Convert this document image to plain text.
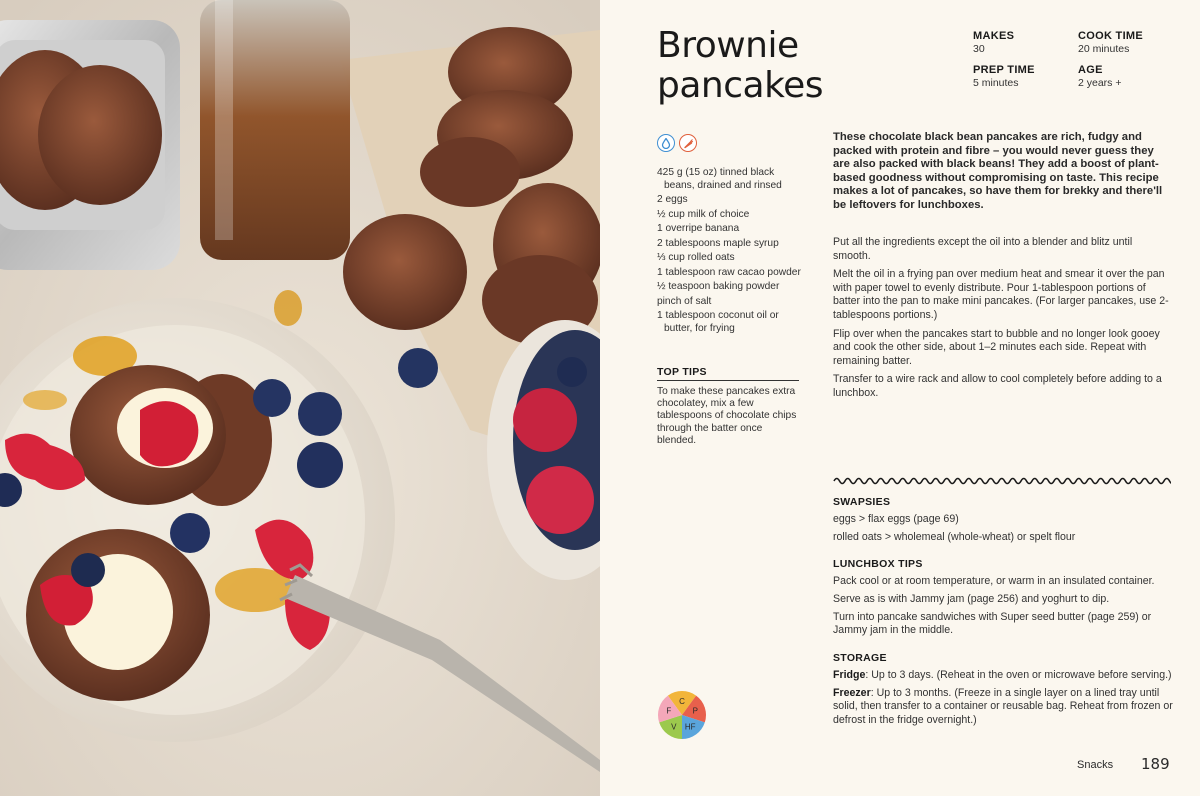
Brownie
pancakes
MAKES
30
COOK TIME
20 minutes
PREP TIME
5 minutes
AGE
2 years +
425 g (15 oz) tinned black beans, drained and rinsed
2 eggs
½ cup milk of choice
1 overripe banana
2 tablespoons maple syrup
⅓ cup rolled oats
1 tablespoon raw cacao powder
½ teaspoon baking powder
pinch of salt
1 tablespoon coconut oil or butter, for frying
TOP TIPS

To make these pancakes extra chocolatey, mix a few tablespoons of chocolate chips through the batter once blended.

These chocolate black bean pancakes are rich, fudgy and packed with protein and fibre – you would never guess they are also packed with black beans! They add a boost of plant-based goodness without compromising on taste. This recipe makes a lot of pancakes, so have them for brekky and there'll be leftovers for lunchboxes.

Put all the ingredients except the oil into a blender and blitz until smooth.

Melt the oil in a frying pan over medium heat and smear it over the pan with paper towel to evenly distribute. Pour 1-tablespoon portions of batter into the pan to make mini pancakes. (For larger pancakes, use 2-tablespoons portions.)

Flip over when the pancakes start to bubble and no longer look gooey and cook the other side, about 1–2 minutes each side. Repeat with remaining batter.

Transfer to a wire rack and allow to cool completely before adding to a lunchbox.

SWAPSIES

eggs > flax eggs (page 69)

rolled oats > wholemeal (whole-wheat) or spelt flour

LUNCHBOX TIPS

Pack cool or at room temperature, or warm in an insulated container.

Serve as is with Jammy jam (page 256) and yoghurt to dip.

Turn into pancake sandwiches with Super seed butter (page 259) or Jammy jam in the middle.

STORAGE

Fridge: Up to 3 days. (Reheat in the oven or microwave before serving.)

Freezer: Up to 3 months. (Freeze in a single layer on a lined tray until solid, then transfer to a container or reusable bag. Reheat from frozen or defrost in the fridge overnight.)

C
P
HF
V
F
Snacks 189
